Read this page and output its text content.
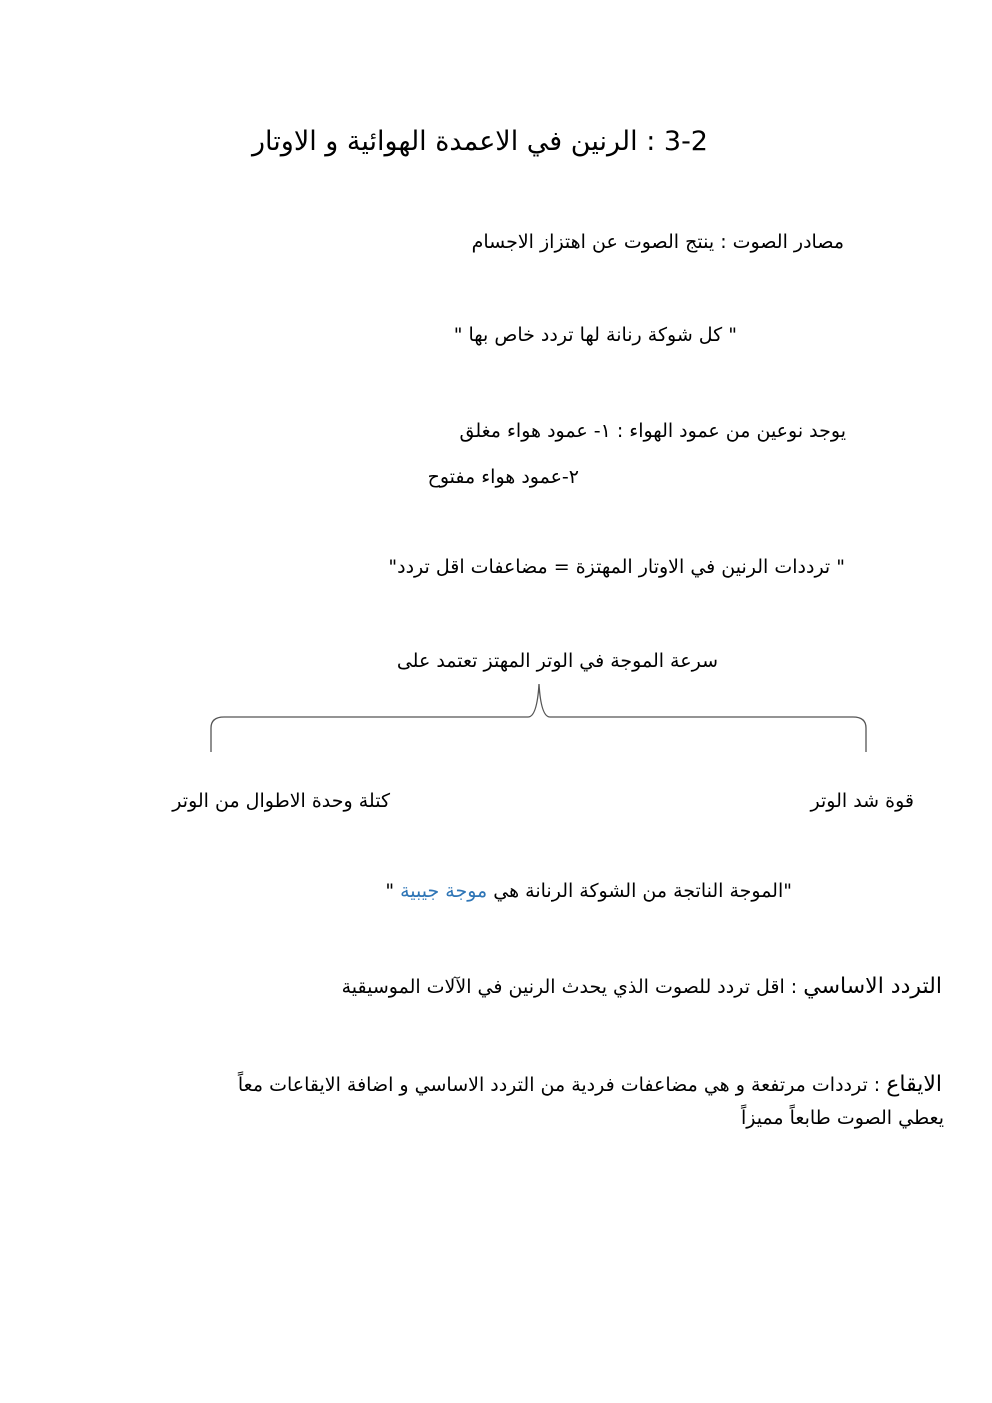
3-2 : الرنين في الاعمدة الهوائية و الاوتار
مصادر الصوت : ينتج الصوت عن اهتزاز الاجسام
" كل شوكة رنانة لها تردد خاص بها "
يوجد نوعين من عمود الهواء : ١- عمود هواء مغلق
٢-عمود هواء مفتوح
" ترددات الرنين في الاوتار المهتزة = مضاعفات اقل تردد"
سرعة الموجة في الوتر المهتز تعتمد على
قوة شد الوتر
كتلة وحدة الاطوال من الوتر
"الموجة الناتجة من الشوكة الرنانة هي موجة جيبية "
التردد الاساسي : اقل تردد للصوت الذي يحدث الرنين في الآلات الموسيقية
الايقاع : ترددات مرتفعة و هي مضاعفات فردية من التردد الاساسي و اضافة الايقاعات معاً
يعطي الصوت طابعاً مميزاً
